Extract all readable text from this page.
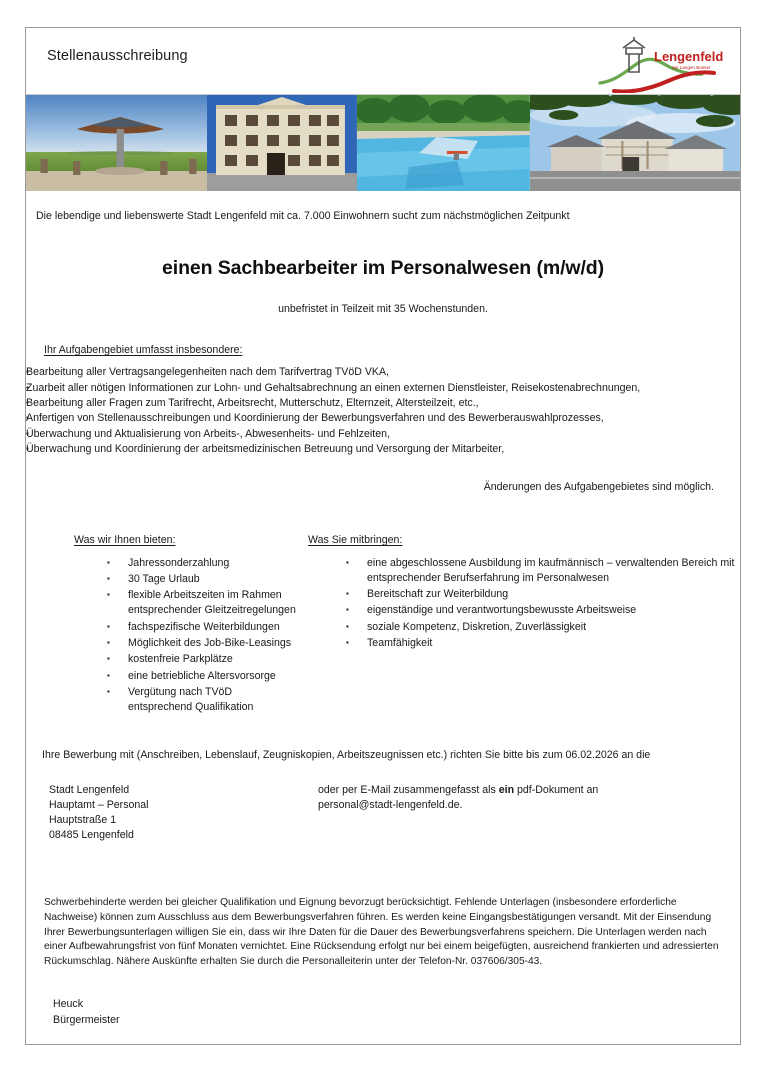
Stellenausschreibung	Lengenfeld
am Langen Bosser
Die lebendige und liebenswerte Stadt Lengenfeld mit ca. 7.000 Einwohnern sucht zum nächstmöglichen Zeitpunkt
einen Sachbearbeiter im Personalwesen (m/w/d)
unbefristet in Teilzeit mit 35 Wochenstunden.
Ihr Aufgabengebiet umfasst insbesondere:
▪ Bearbeitung aller Vertragsangelegenheiten nach dem Tarifvertrag TVöD VKA,
▪ Zuarbeit aller nötigen Informationen zur Lohn- und Gehaltsabrechnung an einen externen Dienstleister, Reisekostenabrechnungen,
▪ Bearbeitung aller Fragen zum Tarifrecht, Arbeitsrecht, Mutterschutz, Elternzeit, Altersteilzeit, etc.,
▪ Anfertigen von Stellenausschreibungen und Koordinierung der Bewerbungsverfahren und des Bewerberauswahlprozesses,
▪ Überwachung und Aktualisierung von Arbeits-, Abwesenheits- und Fehlzeiten,
▪ Überwachung und Koordinierung der arbeitsmedizinischen Betreuung und Versorgung der Mitarbeiter,
Änderungen des Aufgabengebietes sind möglich.
Was wir Ihnen bieten:
▪ Jahressonderzahlung
▪ 30 Tage Urlaub
▪ flexible Arbeitszeiten im Rahmen entsprechender Gleitzeitregelungen
▪ fachspezifische Weiterbildungen
▪ Möglichkeit des Job-Bike-Leasings
▪ kostenfreie Parkplätze
▪ eine betriebliche Altersvorsorge
▪ Vergütung nach TVöD entsprechend Qualifikation
Was Sie mitbringen:
▪ eine abgeschlossene Ausbildung im kaufmännisch – verwaltenden Bereich mit entsprechender Berufserfahrung im Personalwesen
▪ Bereitschaft zur Weiterbildung
▪ eigenständige und verantwortungsbewusste Arbeitsweise
▪ soziale Kompetenz, Diskretion, Zuverlässigkeit
▪ Teamfähigkeit
Ihre Bewerbung mit (Anschreiben, Lebenslauf, Zeugniskopien, Arbeitszeugnissen etc.) richten Sie bitte bis zum 06.02.2026 an die
Stadt Lengenfeld
Hauptamt – Personal
Hauptstraße 1
08485 Lengenfeld
oder per E-Mail zusammengefasst als ein pdf-Dokument an
personal@stadt-lengenfeld.de.
Schwerbehinderte werden bei gleicher Qualifikation und Eignung bevorzugt berücksichtigt. Fehlende Unterlagen (insbesondere erforderliche Nachweise) können zum Ausschluss aus dem Bewerbungsverfahren führen. Es werden keine Eingangsbestätigungen versandt. Mit der Einsendung Ihrer Bewerbungsunterlagen willigen Sie ein, dass wir Ihre Daten für die Dauer des Bewerbungsverfahrens speichern. Die Unterlagen werden nach einer Aufbewahrungsfrist von fünf Monaten vernichtet. Eine Rücksendung erfolgt nur bei einem beigefügten, ausreichend frankierten und adressierten Rückumschlag. Nähere Auskünfte erhalten Sie durch die Personalleiterin unter der Telefon-Nr. 037606/305-43.
Heuck
Bürgermeister
